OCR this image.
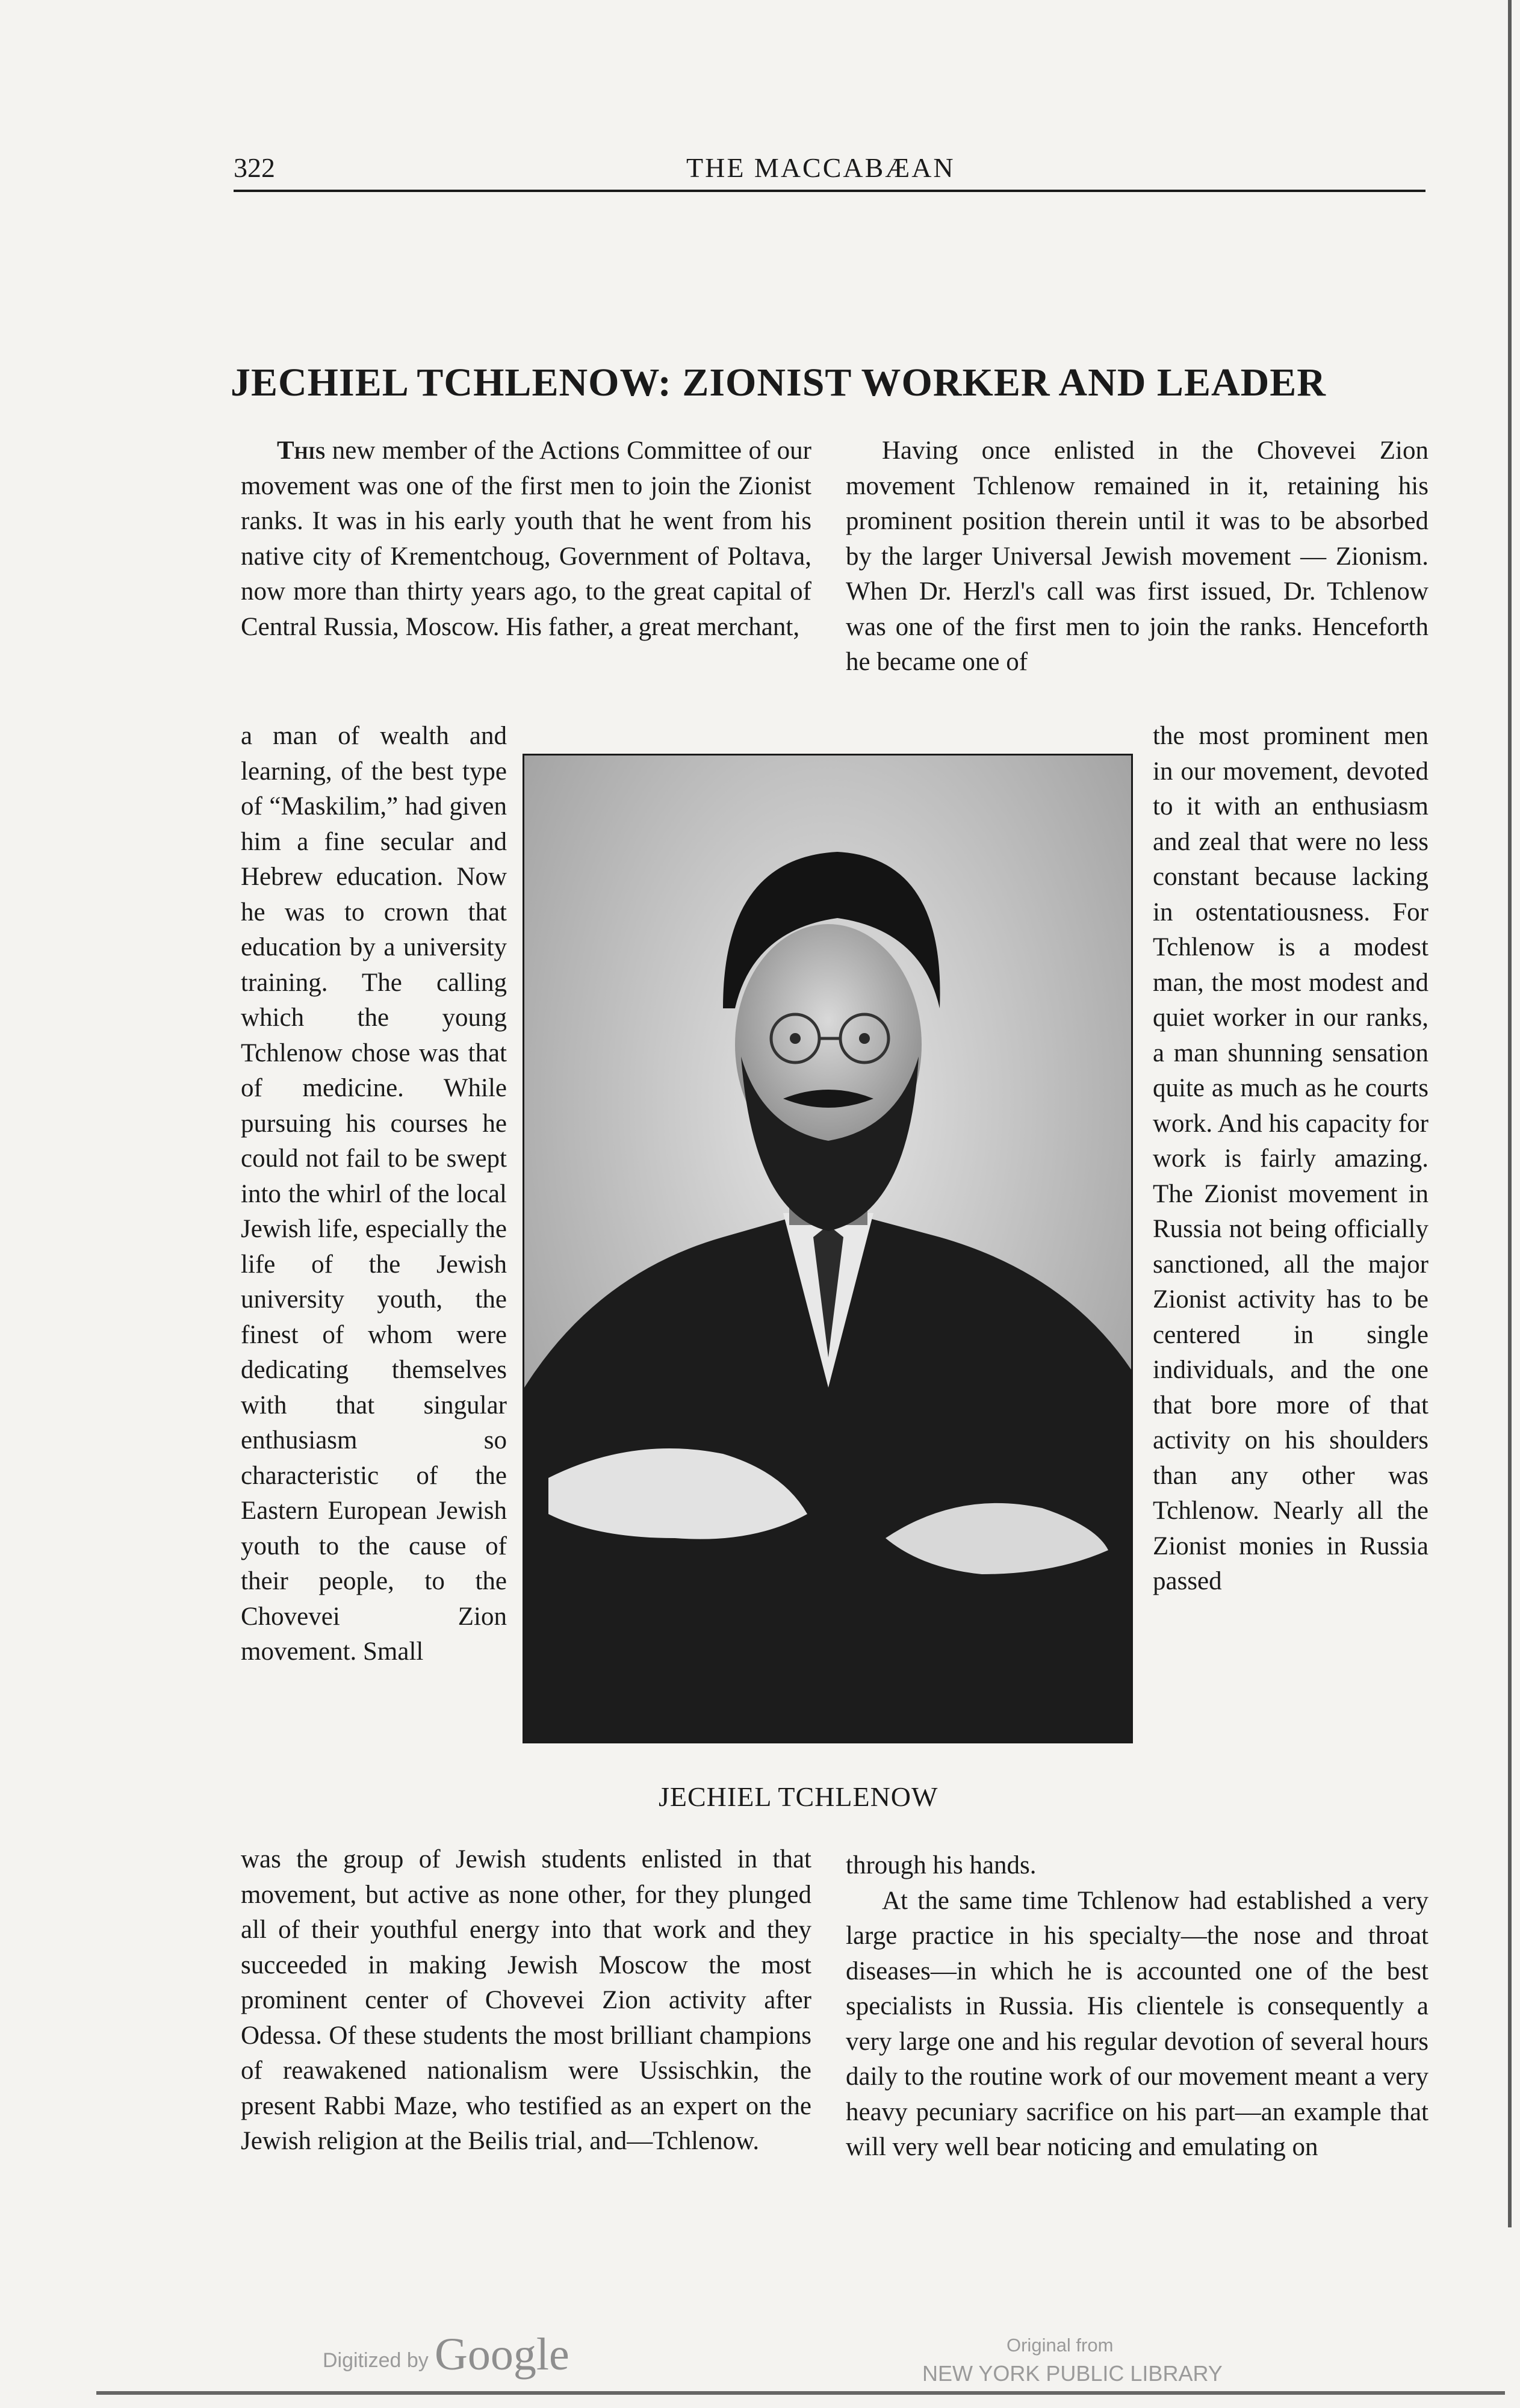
322	THE MACCABÆAN
JECHIEL TCHLENOW: ZIONIST WORKER AND LEADER

This new member of the Actions Committee of our movement was one of the first men to join the Zionist ranks. It was in his early youth that he went from his native city of Krementchoug, Government of Poltava, now more than thirty years ago, to the great capital of Central Russia, Moscow. His father, a great merchant,

a man of wealth and learning, of the best type of “Maskilim,” had given him a fine secular and Hebrew education. Now he was to crown that education by a university training. The calling which the young Tchlenow chose was that of medicine. While pursuing his courses he could not fail to be swept into the whirl of the local Jewish life, especially the life of the Jewish university youth, the finest of whom were dedicating themselves with that singular enthusiasm so characteristic of the Eastern European Jewish youth to the cause of their people, to the Chovevei Zion movement. Small

was the group of Jewish students enlisted in that movement, but active as none other, for they plunged all of their youthful energy into that work and they succeeded in making Jewish Moscow the most prominent center of Chovevei Zion activity after Odessa. Of these students the most brilliant champions of reawakened nationalism were Ussischkin, the present Rabbi Maze, who testified as an expert on the Jewish religion at the Beilis trial, and—Tchlenow.

Having once enlisted in the Chovevei Zion movement Tchlenow remained in it, retaining his prominent position therein until it was to be absorbed by the larger Universal Jewish movement — Zionism. When Dr. Herzl's call was first issued, Dr. Tchlenow was one of the first men to join the ranks. Henceforth he became one of

the most prominent men in our movement, devoted to it with an enthusiasm and zeal that were no less constant because lacking in ostentatiousness. For Tchlenow is a modest man, the most modest and quiet worker in our ranks, a man shunning sensation quite as much as he courts work. And his capacity for work is fairly amazing. The Zionist movement in Russia not being officially sanctioned, all the major Zionist activity has to be centered in single individuals, and the one that bore more of that activity on his shoulders than any other was Tchlenow. Nearly all the Zionist monies in Russia passed

through his hands.

At the same time Tchlenow had established a very large practice in his specialty—the nose and throat diseases—in which he is accounted one of the best specialists in Russia. His clientele is consequently a very large one and his regular devotion of several hours daily to the routine work of our movement meant a very heavy pecuniary sacrifice on his part—an example that will very well bear noticing and emulating on

JECHIEL TCHLENOW
Digitized by Google	Original from
NEW YORK PUBLIC LIBRARY
